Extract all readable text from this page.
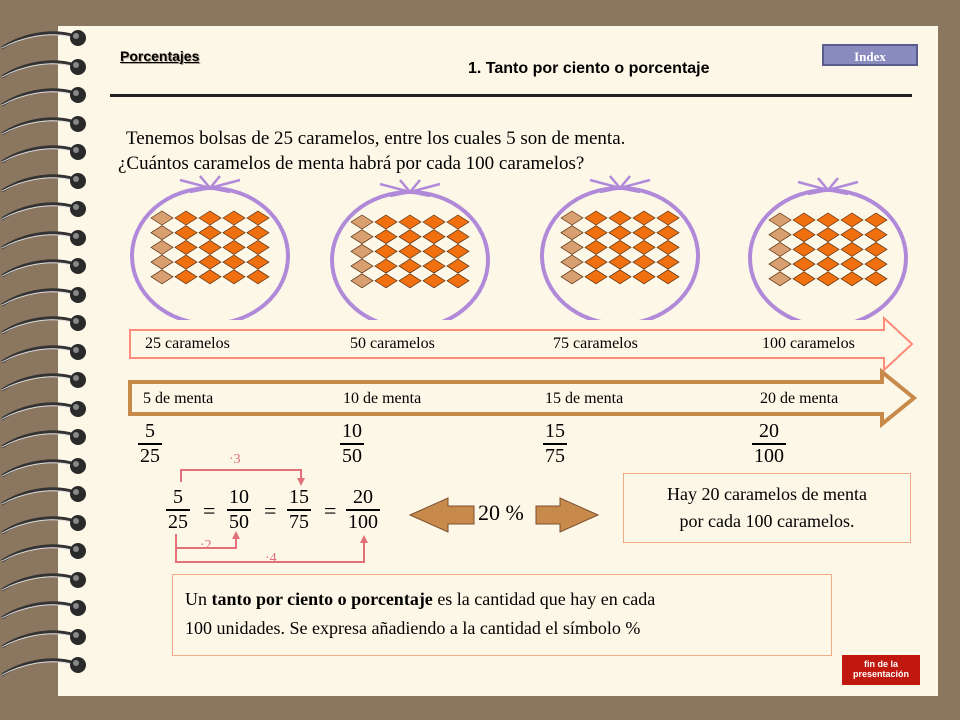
Porcentajes
1. Tanto por ciento o porcentaje
Index
Tenemos bolsas de 25 caramelos, entre los cuales 5 son de menta.
¿Cuántos caramelos de menta habrá por cada 100 caramelos?
25 caramelos	50 caramelos	75 caramelos	100 caramelos
5 de menta	10 de menta	15 de menta	20 de menta
$\frac{5}{25}$	$\frac{10}{50}$	$\frac{15}{75}$	$\frac{20}{100}$
·3
$\frac{5}{25} = \frac{10}{50} = \frac{15}{75} = \frac{20}{100}$
·2
·4
20 %
Hay 20 caramelos de menta
por cada 100 caramelos.
Un tanto por ciento o porcentaje es la cantidad que hay en cada
100 unidades. Se expresa añadiendo a la cantidad el símbolo %
fin de la
presentación
